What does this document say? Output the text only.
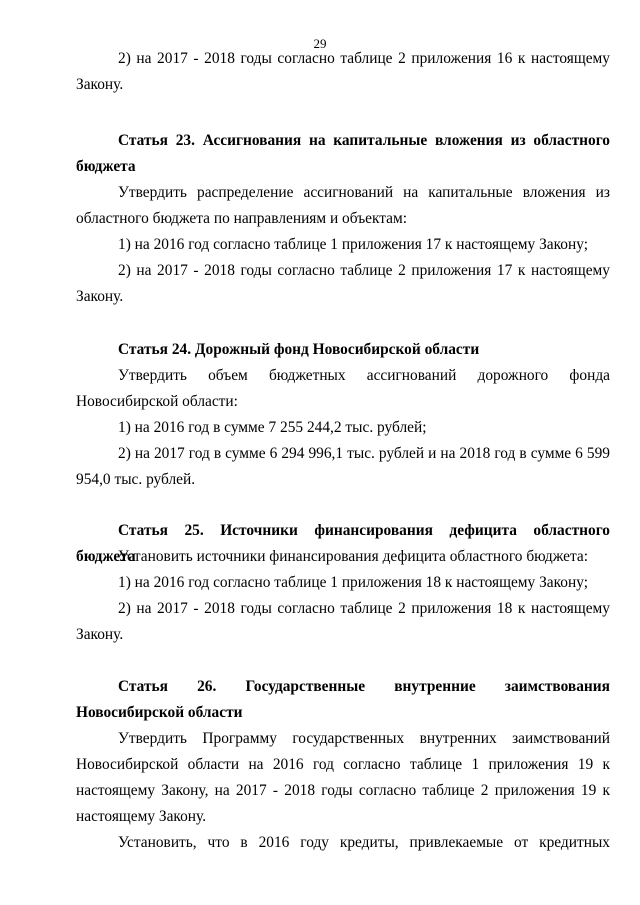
29
2) на 2017 - 2018 годы согласно таблице 2 приложения 16 к настоящему Закону.
Статья 23. Ассигнования на капитальные вложения из областного бюджета
Утвердить распределение ассигнований на капитальные вложения из областного бюджета по направлениям и объектам:
1) на 2016 год согласно таблице 1 приложения 17 к настоящему Закону;
2) на 2017 - 2018 годы согласно таблице 2 приложения 17 к настоящему Закону.
Статья 24. Дорожный фонд Новосибирской области
Утвердить объем бюджетных ассигнований дорожного фонда Новосибирской области:
1) на 2016 год в сумме 7 255 244,2 тыс. рублей;
2) на 2017 год в сумме 6 294 996,1 тыс. рублей и на 2018 год в сумме 6 599 954,0 тыс. рублей.
Статья 25. Источники финансирования дефицита областного бюджета
Установить источники финансирования дефицита областного бюджета:
1) на 2016 год согласно таблице 1 приложения 18 к настоящему Закону;
2) на 2017 - 2018 годы согласно таблице 2 приложения 18 к настоящему Закону.
Статья 26. Государственные внутренние заимствования Новосибирской области
Утвердить Программу государственных внутренних заимствований Новосибирской области на 2016 год согласно таблице 1 приложения 19 к настоящему Закону, на 2017 - 2018 годы согласно таблице 2 приложения 19 к настоящему Закону.
Установить, что в 2016 году кредиты, привлекаемые от кредитных
